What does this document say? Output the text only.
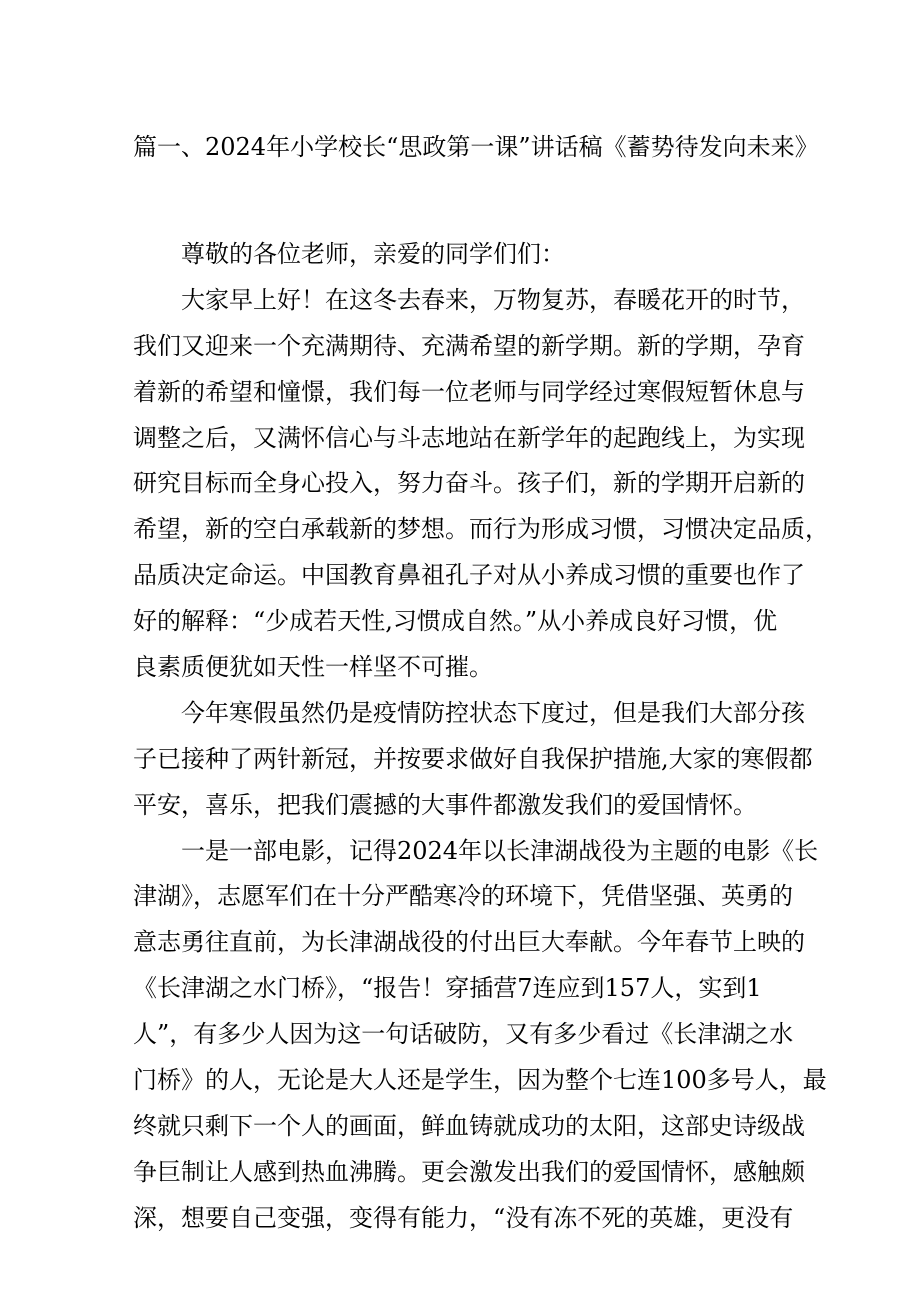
篇一、2024年小学校长“思政第一课”讲话稿《蓄势待发向未来》
尊敬的各位老师，亲爱的同学们们：
大家早上好！在这冬去春来，万物复苏，春暖花开的时节，
我们又迎来一个充满期待、充满希望的新学期。新的学期，孕育
着新的希望和憧憬，我们每一位老师与同学经过寒假短暂休息与
调整之后，又满怀信心与斗志地站在新学年的起跑线上，为实现
研究目标而全身心投入，努力奋斗。孩子们，新的学期开启新的
希望，新的空白承载新的梦想。而行为形成习惯，习惯决定品质，
品质决定命运。中国教育鼻祖孔子对从小养成习惯的重要也作了
好的解释：“少成若天性,习惯成自然。”从小养成良好习惯，优
良素质便犹如天性一样坚不可摧。
今年寒假虽然仍是疫情防控状态下度过，但是我们大部分孩
子已接种了两针新冠，并按要求做好自我保护措施,大家的寒假都
平安，喜乐，把我们震撼的大事件都激发我们的爱国情怀。
一是一部电影，记得2024年以长津湖战役为主题的电影《长
津湖》，志愿军们在十分严酷寒冷的环境下，凭借坚强、英勇的
意志勇往直前，为长津湖战役的付出巨大奉献。今年春节上映的
《长津湖之水门桥》，“报告！穿插营7连应到157人，实到1
人”，有多少人因为这一句话破防，又有多少看过《长津湖之水
门桥》的人，无论是大人还是学生，因为整个七连100多号人，最
终就只剩下一个人的画面，鲜血铸就成功的太阳，这部史诗级战
争巨制让人感到热血沸腾。更会激发出我们的爱国情怀，感触颇
深，想要自己变强，变得有能力，“没有冻不死的英雄，更没有
